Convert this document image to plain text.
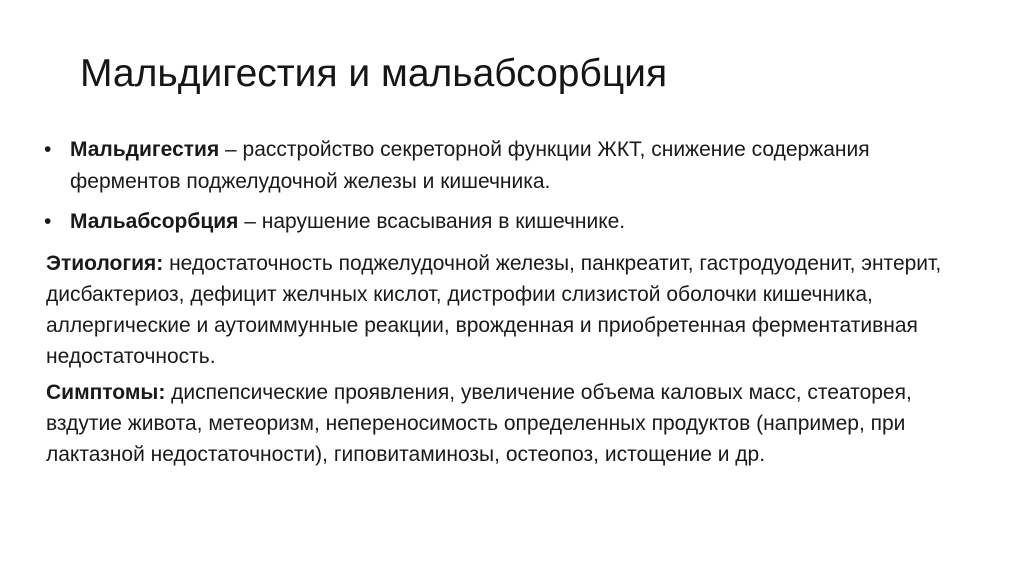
Мальдигестия и мальабсорбция
• Мальдигестия – расстройство секреторной функции ЖКТ, снижение содержания ферментов поджелудочной железы и кишечника.
• Мальабсорбция – нарушение всасывания в кишечнике.

Этиология: недостаточность поджелудочной железы, панкреатит, гастродуоденит, энтерит, дисбактериоз, дефицит желчных кислот, дистрофии слизистой оболочки кишечника, аллергические и аутоиммунные реакции, врожденная и приобретенная ферментативная недостаточность.

Симптомы: диспепсические проявления, увеличение объема каловых масс, стеаторея, вздутие живота, метеоризм, непереносимость определенных продуктов (например, при лактазной недостаточности), гиповитаминозы, остеопоз, истощение и др.
